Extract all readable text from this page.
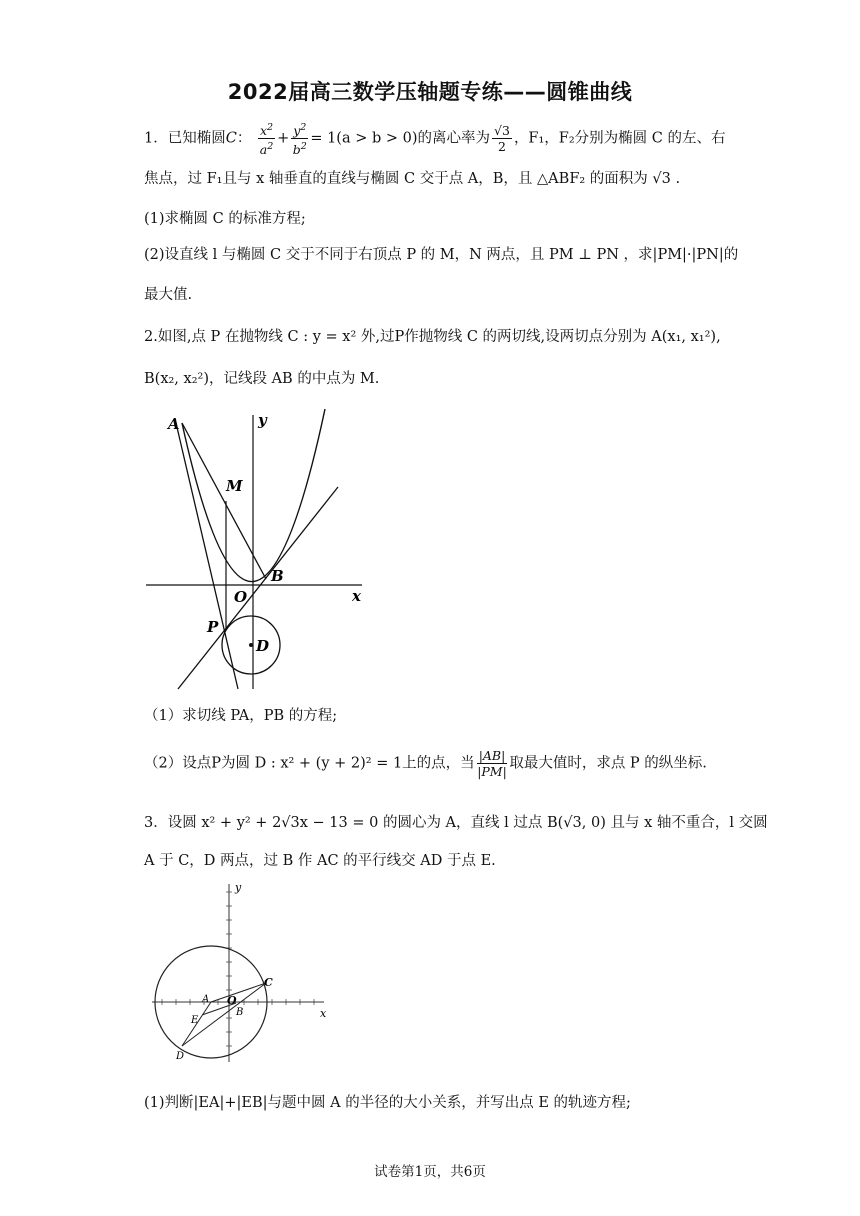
2022届高三数学压轴题专练——圆锥曲线
1．已知椭圆C： $\frac{x^2}{a^2} + \frac{y^2}{b^2} = 1(a > b > 0)$的离心率为 $\frac{√3}{2}$ ，F₁，F₂分别为椭圆 C 的左、右
焦点，过 F₁且与 x 轴垂直的直线与椭圆 C 交于点 A，B，且 △ABF₂ 的面积为 √3 .
(1)求椭圆 C 的标准方程;
(2)设直线 l 与椭圆 C 交于不同于右顶点 P 的 M，N 两点，且 PM ⊥ PN ，求|PM|·|PN|的
最大值.
2.如图,点 P 在抛物线 C : y = x² 外,过P作抛物线 C 的两切线,设两切点分别为 A(x₁, x₁²),
B(x₂, x₂²)，记线段 AB 的中点为 M.
A	y
M
B
O	x
P
D
（1）求切线 PA，PB 的方程;
（2）设点P为圆 D : x² + (y + 2)² = 1上的点，当 $\frac{|AB|}{|PM|}$ 取最大值时，求点 P 的纵坐标.
3．设圆 x² + y² + 2√3x − 13 = 0 的圆心为 A，直线 l 过点 B(√3, 0) 且与 x 轴不重合，l 交圆
A 于 C，D 两点，过 B 作 AC 的平行线交 AD 于点 E.
y
C
A O
B
E
x
D
(1)判断|EA|+|EB|与题中圆 A 的半径的大小关系，并写出点 E 的轨迹方程;
试卷第1页，共6页
